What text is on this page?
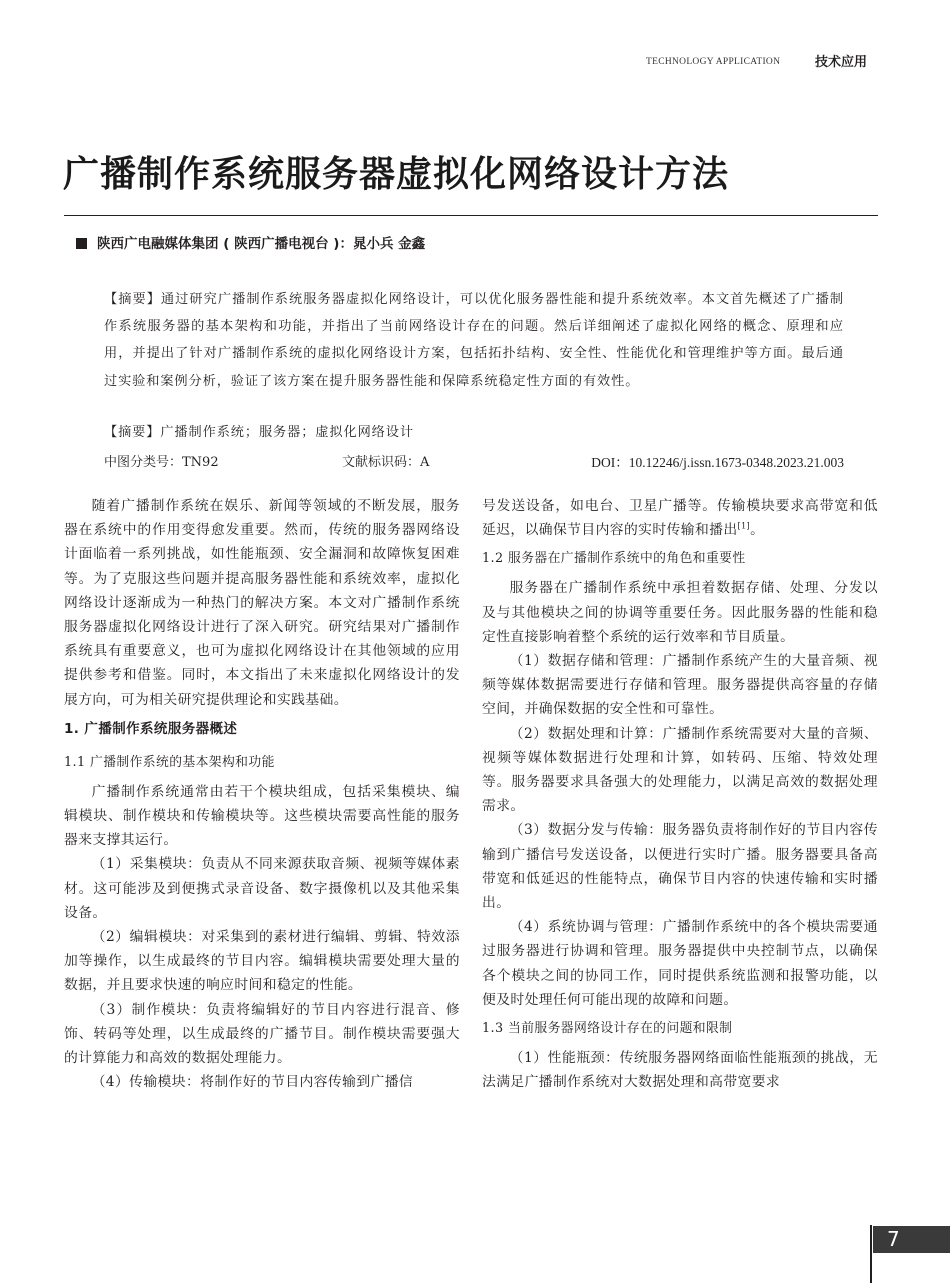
TECHNOLOGY APPLICATION	技术应用
广播制作系统服务器虚拟化网络设计方法
陕西广电融媒体集团 ( 陕西广播电视台 )：晁小兵 金鑫

【摘要】通过研究广播制作系统服务器虚拟化网络设计，可以优化服务器性能和提升系统效率。本文首先概述了广播制作系统服务器的基本架构和功能，并指出了当前网络设计存在的问题。然后详细阐述了虚拟化网络的概念、原理和应用，并提出了针对广播制作系统的虚拟化网络设计方案，包括拓扑结构、安全性、性能优化和管理维护等方面。最后通过实验和案例分析，验证了该方案在提升服务器性能和保障系统稳定性方面的有效性。

【摘要】广播制作系统；服务器；虚拟化网络设计
中图分类号：TN92	文献标识码：A	DOI：10.12246/j.issn.1673-0348.2023.21.003

随着广播制作系统在娱乐、新闻等领域的不断发展，服务器在系统中的作用变得愈发重要。然而，传统的服务器网络设计面临着一系列挑战，如性能瓶颈、安全漏洞和故障恢复困难等。为了克服这些问题并提高服务器性能和系统效率，虚拟化网络设计逐渐成为一种热门的解决方案。本文对广播制作系统服务器虚拟化网络设计进行了深入研究。研究结果对广播制作系统具有重要意义，也可为虚拟化网络设计在其他领域的应用提供参考和借鉴。同时，本文指出了未来虚拟化网络设计的发展方向，可为相关研究提供理论和实践基础。

1. 广播制作系统服务器概述
1.1 广播制作系统的基本架构和功能

广播制作系统通常由若干个模块组成，包括采集模块、编辑模块、制作模块和传输模块等。这些模块需要高性能的服务器来支撑其运行。

（1）采集模块：负责从不同来源获取音频、视频等媒体素材。这可能涉及到便携式录音设备、数字摄像机以及其他采集设备。

（2）编辑模块：对采集到的素材进行编辑、剪辑、特效添加等操作，以生成最终的节目内容。编辑模块需要处理大量的数据，并且要求快速的响应时间和稳定的性能。

（3）制作模块：负责将编辑好的节目内容进行混音、修饰、转码等处理，以生成最终的广播节目。制作模块需要强大的计算能力和高效的数据处理能力。

（4）传输模块：将制作好的节目内容传输到广播信

号发送设备，如电台、卫星广播等。传输模块要求高带宽和低延迟，以确保节目内容的实时传输和播出[1]。

1.2 服务器在广播制作系统中的角色和重要性

服务器在广播制作系统中承担着数据存储、处理、分发以及与其他模块之间的协调等重要任务。因此服务器的性能和稳定性直接影响着整个系统的运行效率和节目质量。

（1）数据存储和管理：广播制作系统产生的大量音频、视频等媒体数据需要进行存储和管理。服务器提供高容量的存储空间，并确保数据的安全性和可靠性。

（2）数据处理和计算：广播制作系统需要对大量的音频、视频等媒体数据进行处理和计算，如转码、压缩、特效处理等。服务器要求具备强大的处理能力，以满足高效的数据处理需求。

（3）数据分发与传输：服务器负责将制作好的节目内容传输到广播信号发送设备，以便进行实时广播。服务器要具备高带宽和低延迟的性能特点，确保节目内容的快速传输和实时播出。

（4）系统协调与管理：广播制作系统中的各个模块需要通过服务器进行协调和管理。服务器提供中央控制节点，以确保各个模块之间的协同工作，同时提供系统监测和报警功能，以便及时处理任何可能出现的故障和问题。

1.3 当前服务器网络设计存在的问题和限制

（1）性能瓶颈：传统服务器网络面临性能瓶颈的挑战，无法满足广播制作系统对大数据处理和高带宽要求

7
